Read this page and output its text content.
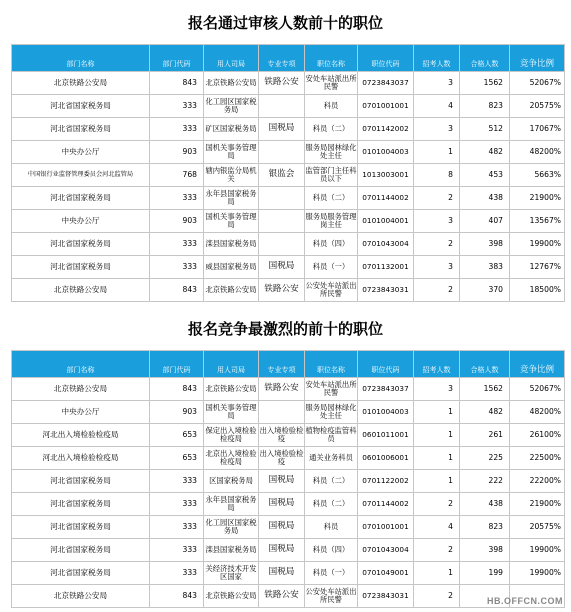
报名通过审核人数前十的职位
部门名称	部门代码	用人司局	专业专项	职位名称	职位代码	招考人数	合格人数	竞争比例
北京铁路公安局	843	北京铁路公安局	铁路公安	安处车站派出所民警	0723843037	3	1562	52067%
河北省国家税务局	333	化工园区国家税务局		科员	0701001001	4	823	20575%
河北省国家税务局	333	矿区国家税务局	国税局	科员（二）	0701142002	3	512	17067%
中央办公厅	903	国机关事务管理局		服务局园林绿化处主任	0101004003	1	482	48200%
中国银行业监督管理委员会河北监管局	768	辖内银监分局机关	银监会	监管部门主任科员以下	1013003001	8	453	5663%
河北省国家税务局	333	永年县国家税务局		科员（二）	0701144002	2	438	21900%
中央办公厅	903	国机关事务管理局		服务局服务管理岗主任	0101004001	3	407	13567%
河北省国家税务局	333	滦县国家税务局		科员（四）	0701043004	2	398	19900%
河北省国家税务局	333	威县国家税务局	国税局	科员（一）	0701132001	3	383	12767%
北京铁路公安局	843	北京铁路公安局	铁路公安	公安处车站派出所民警	0723843031	2	370	18500%
报名竞争最激烈的前十的职位
部门名称	部门代码	用人司局	专业专项	职位名称	职位代码	招考人数	合格人数	竞争比例
北京铁路公安局	843	北京铁路公安局	铁路公安	安处车站派出所民警	0723843037	3	1562	52067%
中央办公厅	903	国机关事务管理局		服务局园林绿化处主任	0101004003	1	482	48200%
河北出入境检验检疫局	653	保定出入境检验检疫局	出入境检验检疫	植物检疫监管科员	0601011001	1	261	26100%
河北出入境检验检疫局	653	北京出入境检验检疫局	出入境检验检疫	通关业务科员	0601006001	1	225	22500%
河北省国家税务局	333	区国家税务局	国税局	科员（二）	0701122002	1	222	22200%
河北省国家税务局	333	永年县国家税务局	国税局	科员（二）	0701144002	2	438	21900%
河北省国家税务局	333	化工园区国家税务局	国税局	科员	0701001001	4	823	20575%
河北省国家税务局	333	滦县国家税务局	国税局	科员（四）	0701043004	2	398	19900%
河北省国家税务局	333	关经济技术开发区国家	国税局	科员（一）	0701049001	1	199	19900%
北京铁路公安局	843	北京铁路公安局	铁路公安	公安处车站派出所民警	0723843031	2		
HB.OFFCN.COM
